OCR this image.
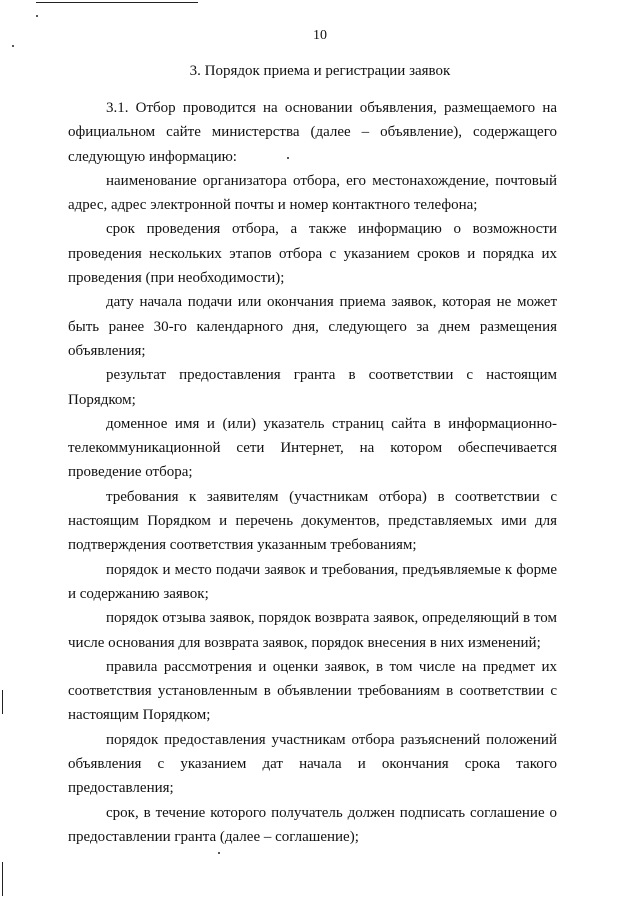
10
3. Порядок приема и регистрации заявок

3.1. Отбор проводится на основании объявления, размещаемого на официальном сайте министерства (далее – объявление), содержащего следующую информацию:

наименование организатора отбора, его местонахождение, почтовый адрес, адрес электронной почты и номер контактного телефона;

срок проведения отбора, а также информацию о возможности проведения нескольких этапов отбора с указанием сроков и порядка их проведения (при необходимости);

дату начала подачи или окончания приема заявок, которая не может быть ранее 30-го календарного дня, следующего за днем размещения объявления;

результат предоставления гранта в соответствии с настоящим Порядком;

доменное имя и (или) указатель страниц сайта в информационно-телекоммуникационной сети Интернет, на котором обеспечивается проведение отбора;

требования к заявителям (участникам отбора) в соответствии с настоящим Порядком и перечень документов, представляемых ими для подтверждения соответствия указанным требованиям;

порядок и место подачи заявок и требования, предъявляемые к форме и содержанию заявок;

порядок отзыва заявок, порядок возврата заявок, определяющий в том числе основания для возврата заявок, порядок внесения в них изменений;

правила рассмотрения и оценки заявок, в том числе на предмет их соответствия установленным в объявлении требованиям в соответствии с настоящим Порядком;

порядок предоставления участникам отбора разъяснений положений объявления с указанием дат начала и окончания срока такого предоставления;

срок, в течение которого получатель должен подписать соглашение о предоставлении гранта (далее – соглашение);
